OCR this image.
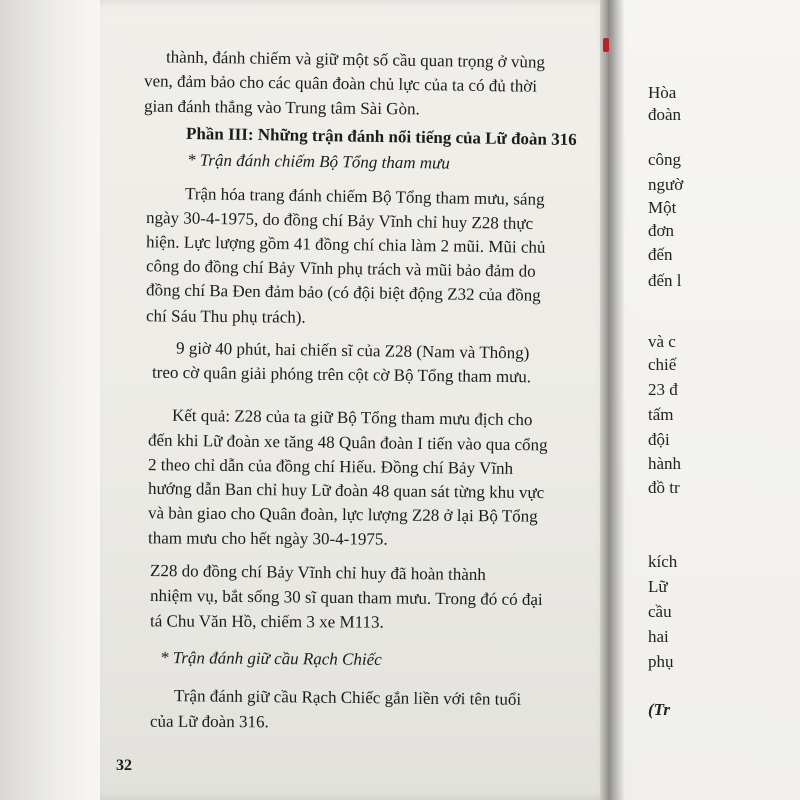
thành, đánh chiếm và giữ một số cầu quan trọng ở vùng
ven, đảm bảo cho các quân đoàn chủ lực của ta có đủ thời
gian đánh thẳng vào Trung tâm Sài Gòn.
Phần III: Những trận đánh nổi tiếng của Lữ đoàn 316
* Trận đánh chiếm Bộ Tổng tham mưu
Trận hóa trang đánh chiếm Bộ Tổng tham mưu, sáng
ngày 30-4-1975, do đồng chí Bảy Vĩnh chỉ huy Z28 thực
hiện. Lực lượng gồm 41 đồng chí chia làm 2 mũi. Mũi chủ
công do đồng chí Bảy Vĩnh phụ trách và mũi bảo đảm do
đồng chí Ba Đen đảm bảo (có đội biệt động Z32 của đồng
chí Sáu Thu phụ trách).
9 giờ 40 phút, hai chiến sĩ của Z28 (Nam và Thông)
treo cờ quân giải phóng trên cột cờ Bộ Tổng tham mưu.
Kết quả: Z28 của ta giữ Bộ Tổng tham mưu địch cho
đến khi Lữ đoàn xe tăng 48 Quân đoàn I tiến vào qua cổng
2 theo chỉ dẫn của đồng chí Hiếu. Đồng chí Bảy Vĩnh
hướng dẫn Ban chỉ huy Lữ đoàn 48 quan sát từng khu vực
và bàn giao cho Quân đoàn, lực lượng Z28 ở lại Bộ Tổng
tham mưu cho hết ngày 30-4-1975.
Z28 do đồng chí Bảy Vĩnh chỉ huy đã hoàn thành
nhiệm vụ, bắt sống 30 sĩ quan tham mưu. Trong đó có đại
tá Chu Văn Hồ, chiếm 3 xe M113.
* Trận đánh giữ cầu Rạch Chiếc
Trận đánh giữ cầu Rạch Chiếc gắn liền với tên tuổi
của Lữ đoàn 316.
32
Hòa
đoàn
công
ngườ
Một
đơn
đến
đến l
và c
chiế
23 đ
tấm
đội
hành
đồ tr
kích
Lữ
cầu
hai
phụ
(Tr
